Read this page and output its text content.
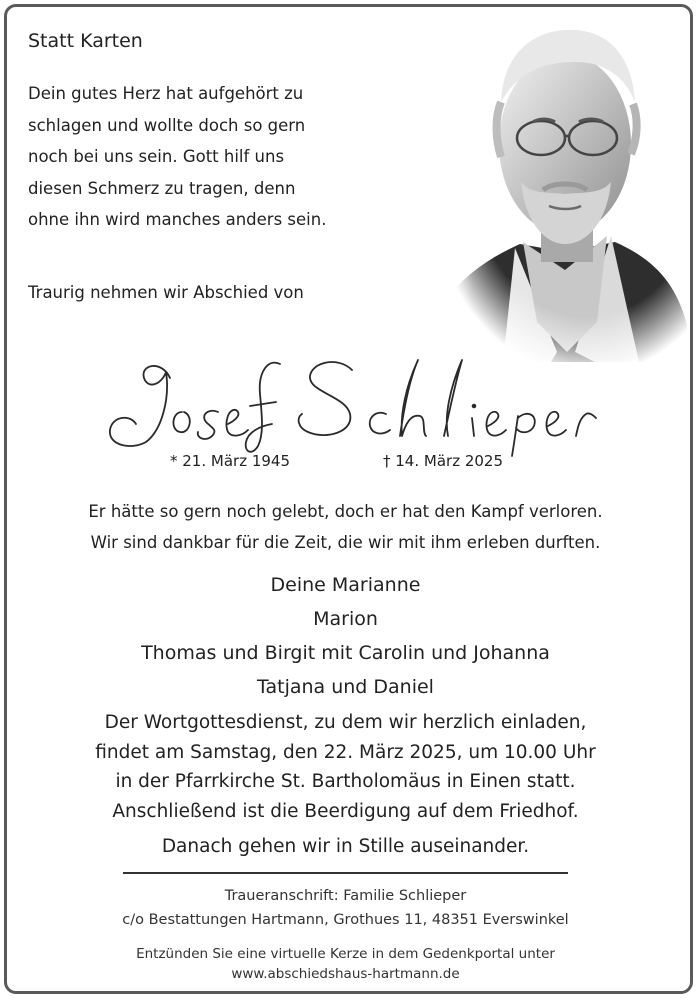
Statt Karten
Dein gutes Herz hat aufgehört zu
schlagen und wollte doch so gern
noch bei uns sein. Gott hilf uns
diesen Schmerz zu tragen, denn
ohne ihn wird manches anders sein.
Traurig nehmen wir Abschied von
* 21. März 1945	† 14. März 2025
Er hätte so gern noch gelebt, doch er hat den Kampf verloren.
Wir sind dankbar für die Zeit, die wir mit ihm erleben durften.
Deine Marianne
Marion
Thomas und Birgit mit Carolin und Johanna
Tatjana und Daniel
Der Wortgottesdienst, zu dem wir herzlich einladen,
findet am Samstag, den 22. März 2025, um 10.00 Uhr
in der Pfarrkirche St. Bartholomäus in Einen statt.
Anschließend ist die Beerdigung auf dem Friedhof.
Danach gehen wir in Stille auseinander.
Traueranschrift: Familie Schlieper
c/o Bestattungen Hartmann, Grothues 11, 48351 Everswinkel
Entzünden Sie eine virtuelle Kerze in dem Gedenkportal unter
www.abschiedshaus-hartmann.de
